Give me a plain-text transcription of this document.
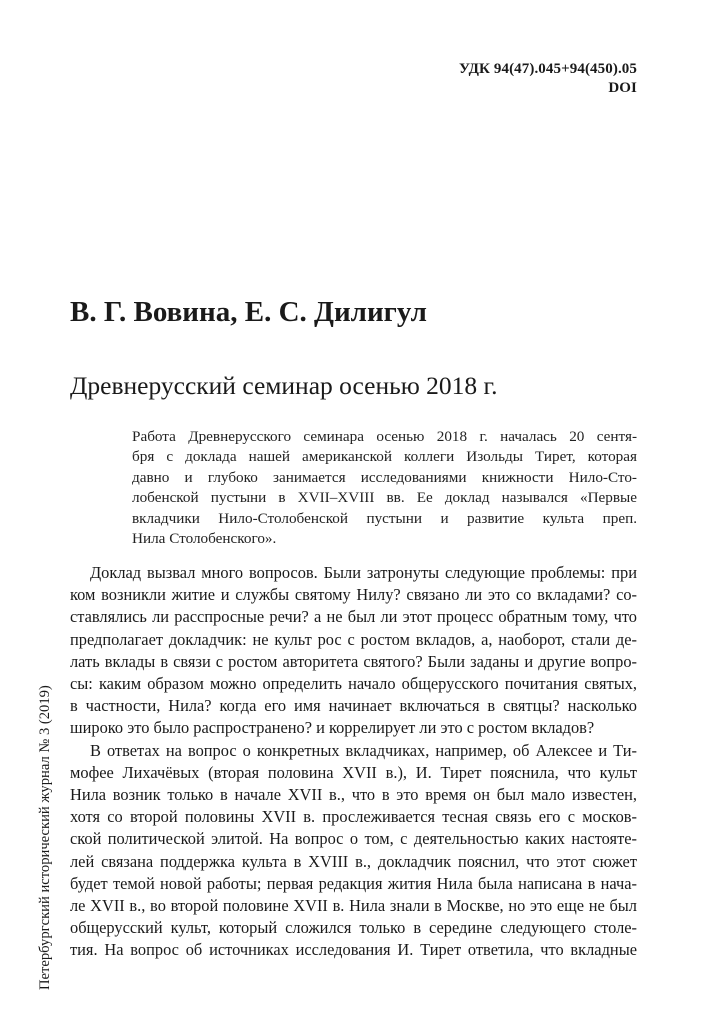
УДК 94(47).045+94(450).05
DOI
В. Г. Вовина, Е. С. Дилигул
Древнерусский семинар осенью 2018 г.
Работа Древнерусского семинара осенью 2018 г. началась 20 сентя-
бря с доклада нашей американской коллеги Изольды Тирет, которая
давно и глубоко занимается исследованиями книжности Нило-Сто-
лобенской пустыни в XVII–XVIII вв. Ее доклад назывался «Первые
вкладчики Нило-Столобенской пустыни и развитие культа преп.
Нила Столобенского».
Доклад вызвал много вопросов. Были затронуты следующие проблемы: при
ком возникли житие и службы святому Нилу? связано ли это со вкладами? со-
ставлялись ли расспросные речи? а не был ли этот процесс обратным тому, что
предполагает докладчик: не культ рос с ростом вкладов, а, наоборот, стали де-
лать вклады в связи с ростом авторитета святого? Были заданы и другие вопро-
сы: каким образом можно определить начало общерусского почитания святых,
в частности, Нила? когда его имя начинает включаться в святцы? насколько
широко это было распространено? и коррелирует ли это с ростом вкладов?
В ответах на вопрос о конкретных вкладчиках, например, об Алексее и Ти-
мофее Лихачёвых (вторая половина XVII в.), И. Тирет пояснила, что культ
Нила возник только в начале XVII в., что в это время он был мало известен,
хотя со второй половины XVII в. прослеживается тесная связь его с москов-
ской политической элитой. На вопрос о том, с деятельностью каких настояте-
лей связана поддержка культа в XVIII в., докладчик пояснил, что этот сюжет
будет темой новой работы; первая редакция жития Нила была написана в нача-
ле XVII в., во второй половине XVII в. Нила знали в Москве, но это еще не был
общерусский культ, который сложился только в середине следующего столе-
тия. На вопрос об источниках исследования И. Тирет ответила, что вкладные
Петербургский исторический журнал № 3 (2019)
